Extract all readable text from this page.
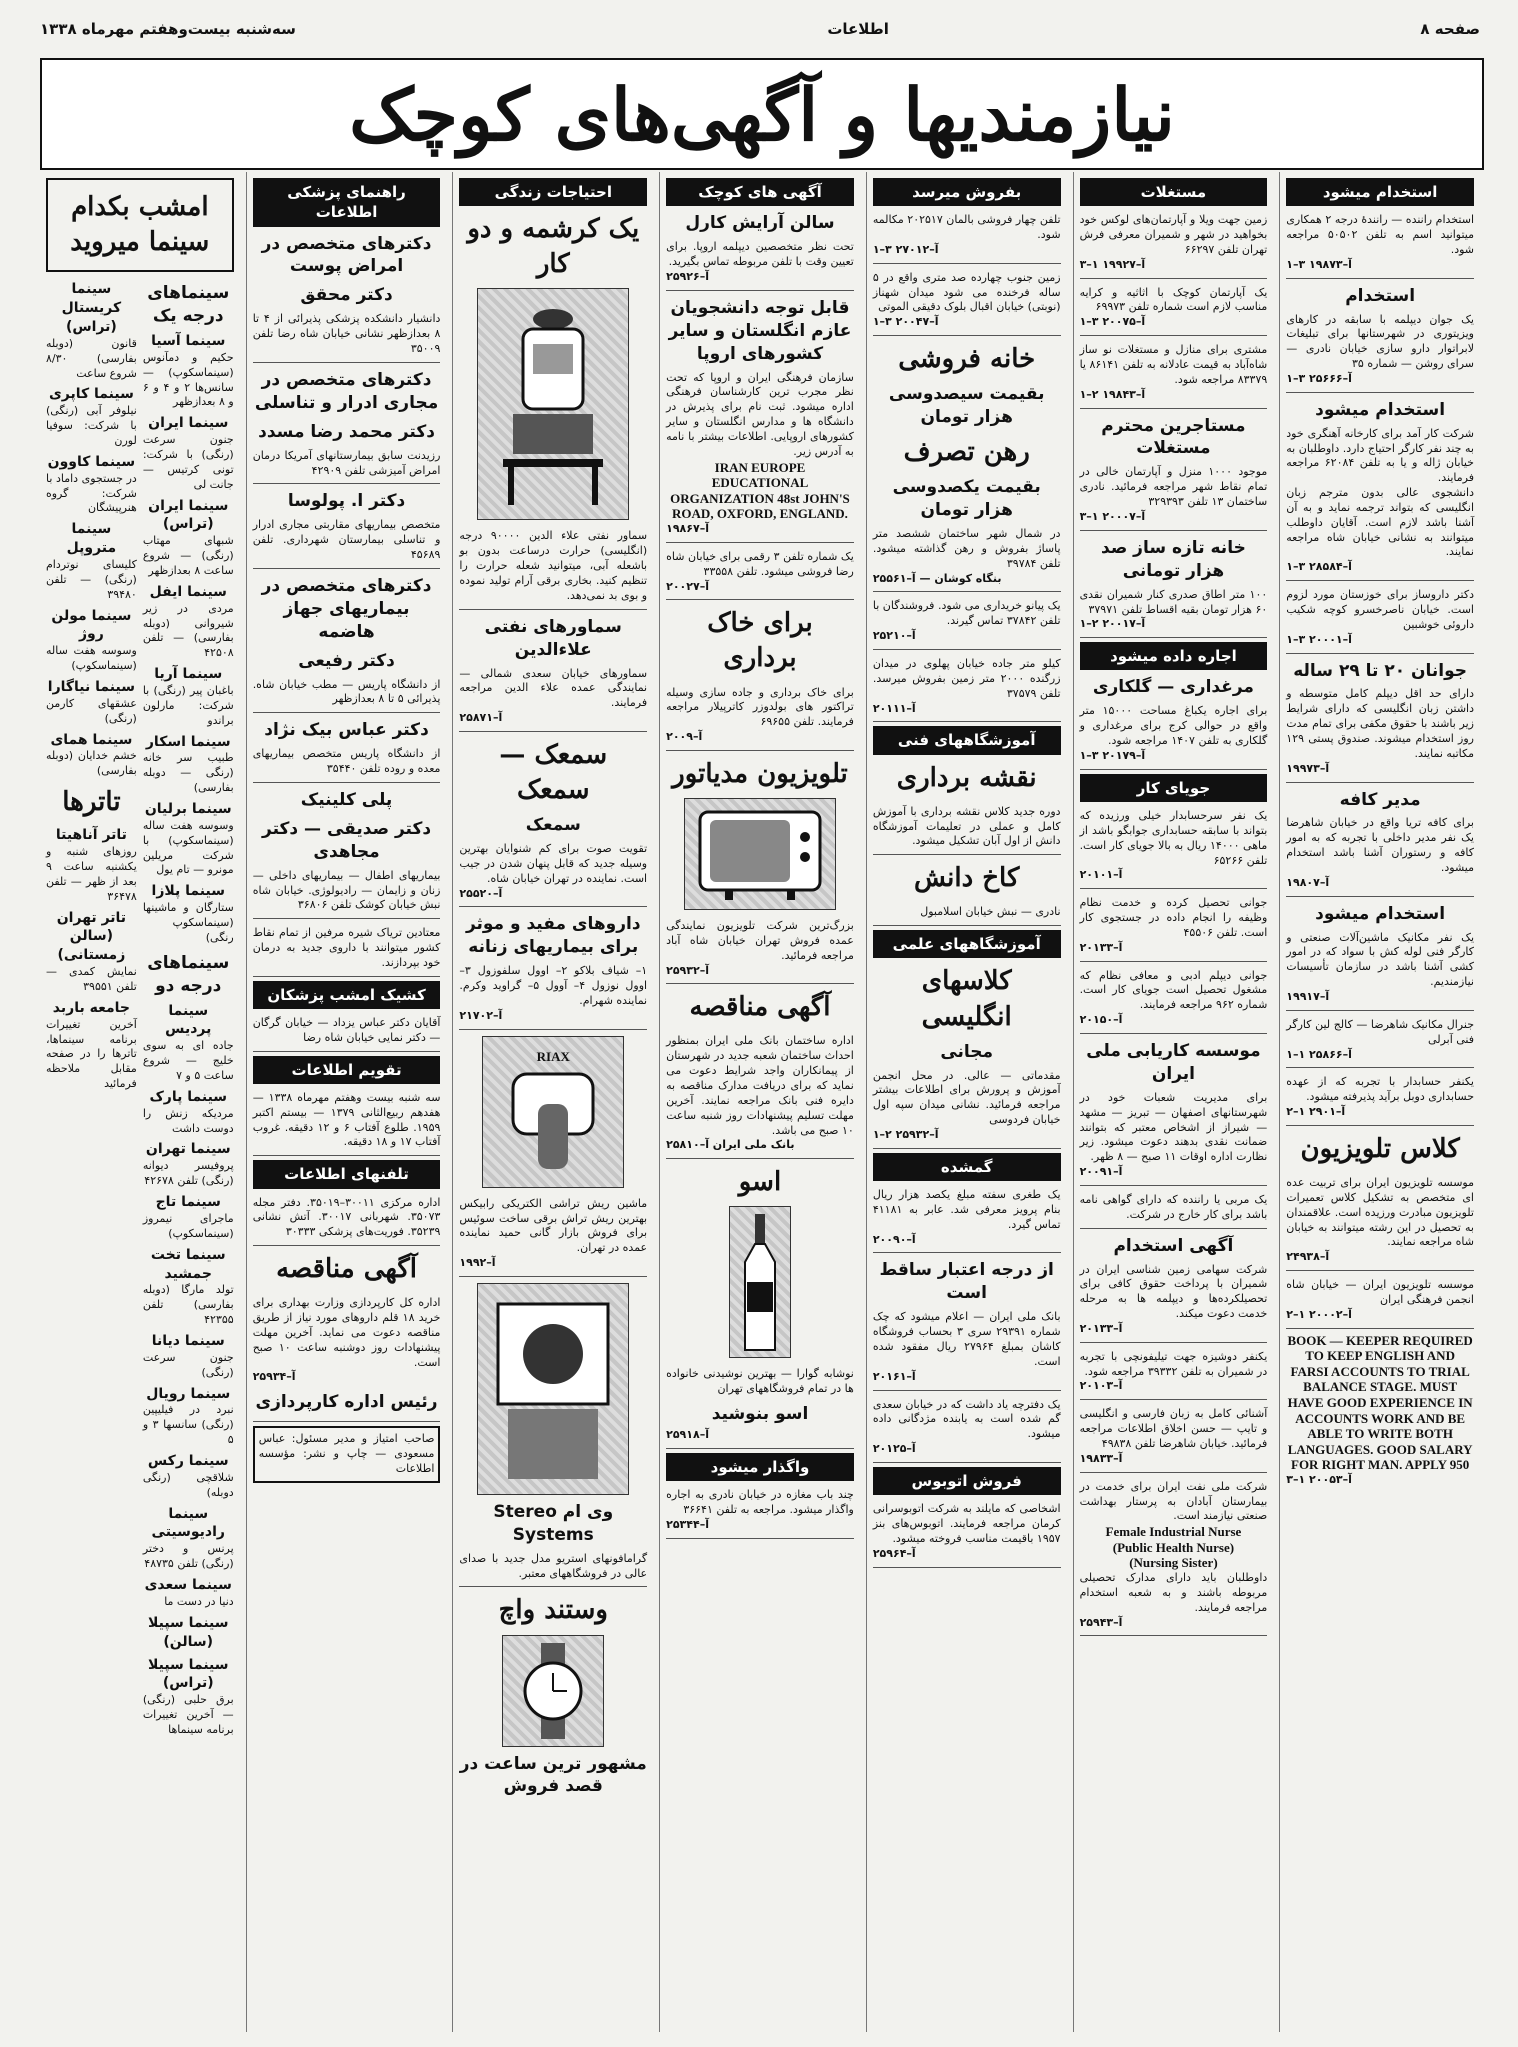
صفحه ۸
اطلاعات
سه‌شنبه بیست‌وهفتم مهرماه ۱۳۳۸
نیازمندیها و آگهی‌های کوچک
استخدام میشود
استخدام راننده — رانندهٔ درجه ۲ همکاری میتوانید اسم به تلفن ۵۰۵۰۲ مراجعه شود.
۱–۳ آ–۱۹۸۷۳
استخدام
یک جوان دیپلمه با سابقه در کارهای ویزیتوری در شهرستانها برای تبلیغات لابراتوار دارو سازی خیابان نادری — سرای روشن — شماره ۳۵
۱–۳ آ–۲۵۶۶۶
استخدام میشود
شرکت کار آمد برای کارخانه آهنگری خود به چند نفر کارگر احتیاج دارد. داوطلبان به خیابان ژاله و یا به تلفن ۶۲۰۸۴ مراجعه فرمایند.
دانشجوی عالی بدون مترجم زبان انگلیسی که بتواند ترجمه نماید و به آن آشنا باشد لازم است. آقایان داوطلب میتوانند به نشانی خیابان شاه مراجعه نمایند.
۱–۳ آ–۲۸۵۸۴
دکتر داروساز برای خوزستان مورد لزوم است. خیابان ناصرخسرو کوچه شکیب داروئی خوشبین
۱–۳ آ–۲۰۰۰۱
جوانان ۲۰ تا ۲۹ ساله
دارای حد اقل دیپلم کامل متوسطه و داشتن زبان انگلیسی که دارای شرایط زیر باشند با حقوق مکفی برای تمام مدت روز استخدام میشوند. صندوق پستی ۱۲۹ مکاتبه نمایند.
آ–۱۹۹۷۳
مدیر کافه
برای کافه تریا واقع در خیابان شاهرضا یک نفر مدیر داخلی با تجربه که به امور کافه و رستوران آشنا باشد استخدام میشود.
آ–۱۹۸۰۷
استخدام میشود
یک نفر مکانیک ماشین‌آلات صنعتی و کارگر فنی لوله کش با سواد که در امور کشی آشنا باشد در سازمان تأسیسات نیازمندیم.
آ–۱۹۹۱۷
جنرال مکانیک شاهرضا — کالج لین کارگر فنی آبرلی
۱–۱ آ–۲۵۸۶۶
یکنفر حسابدار با تجربه که از عهده حسابداری دوبل برآید پذیرفته میشود.
۲–۱ آ–۲۹۰۱
کلاس تلویزیون
موسسه تلویزیون ایران برای تربیت عده ای متخصص به تشکیل کلاس تعمیرات تلویزیون مبادرت ورزیده است. علاقمندان به تحصیل در این رشته میتوانند به خیابان شاه مراجعه نمایند.
آ–۲۴۹۳۸
موسسه تلویزیون ایران — خیابان شاه انجمن فرهنگی ایران
۲–۱ آ–۲۰۰۰۲
BOOK — KEEPER REQUIRED TO KEEP ENGLISH AND FARSI ACCOUNTS TO TRIAL BALANCE STAGE. MUST HAVE GOOD EXPERIENCE IN ACCOUNTS WORK AND BE ABLE TO WRITE BOTH LANGUAGES. GOOD SALARY FOR RIGHT MAN. APPLY 950
۳–۱ آ–۲۰۰۵۳
مستغلات
زمین جهت ویلا و آپارتمان‌های لوکس خود بخواهید در شهر و شمیران معرفی فرش تهران تلفن ۶۶۲۹۷
۳–۱ آ–۱۹۹۲۷
یک آپارتمان کوچک با اثاثیه و کرایه مناسب لازم است شماره تلفن ۶۹۹۷۳
۱–۳ آ–۲۰۰۷۵
مشتری برای منازل و مستغلات نو ساز شاه‌آباد به قیمت عادلانه به تلفن ۸۶۱۴۱ یا ۸۳۳۷۹ مراجعه شود.
۱–۲ آ–۱۹۸۴۳
مستاجرین محترم مستغلات
موجود ۱۰۰۰ منزل و آپارتمان خالی در تمام نقاط شهر مراجعه فرمائید. نادری ساختمان ۱۳ تلفن ۳۲۹۳۹۳
۳–۱ آ–۲۰۰۰۷
خانه تازه ساز صد هزار تومانی
۱۰۰ متر اطاق صدری کنار شمیران نقدی ۶۰ هزار تومان بقیه اقساط تلفن ۳۷۹۷۱
۱–۲ آ–۲۰۰۱۷
اجاره داده میشود
مرغداری — گلکاری
برای اجاره یکباغ مساحت ۱۵۰۰۰ متر واقع در حوالی کرج برای مرغداری و گلکاری به تلفن ۱۴۰۷ مراجعه شود.
۱–۳ آ–۲۰۱۷۹
جویای کار
یک نفر سرحسابدار خیلی ورزیده که بتواند با سابقه حسابداری جوابگو باشد از ماهی ۱۴۰۰۰ ریال به بالا جویای کار است. تلفن ۶۵۲۶۶
آ–۲۰۱۰۱
جوانی تحصیل کرده و خدمت نظام وظیفه را انجام داده در جستجوی کار است. تلفن ۴۵۵۰۶
آ–۲۰۱۳۳
جوانی دیپلم ادبی و معافی نظام که مشغول تحصیل است جویای کار است. شماره ۹۶۲ مراجعه فرمایند.
آ–۲۰۱۵۰
موسسه کاریابی ملی ایران
برای مدیریت شعبات خود در شهرستانهای اصفهان — تبریز — مشهد — شیراز از اشخاص معتبر که بتوانند ضمانت نقدی بدهند دعوت میشود. زیر نظارت اداره اوقات ۱۱ صبح — ۸ ظهر.
آ–۲۰۰۹۱
یک مربی یا راننده که دارای گواهی نامه باشد برای کار خارج در شرکت.
آگهی استخدام
شرکت سهامی زمین شناسی ایران در شمیران با پرداخت حقوق کافی برای تحصیلکرده‌ها و دیپلمه ها به مرحله خدمت دعوت میکند.
آ–۲۰۱۳۳
یکنفر دوشیزه جهت تیلیفونچی با تجربه در شمیران به تلفن ۳۹۳۳۲ مراجعه شود.
آ–۲۰۱۰۳
آشنائی کامل به زبان فارسی و انگلیسی و تایپ — حسن اخلاق اطلاعات مراجعه فرمائید. خیابان شاهرضا تلفن ۴۹۸۳۸
آ–۱۹۸۳۳
شرکت ملی نفت ایران برای خدمت در بیمارستان آبادان به پرستار بهداشت صنعتی نیازمند است.
Female Industrial Nurse
(Public Health Nurse)
(Nursing Sister)
داوطلبان باید دارای مدارک تحصیلی مربوطه باشند و به شعبه استخدام مراجعه فرمایند.
آ–۲۵۹۴۳
بفروش میرسد
تلفن چهار فروشی بالمان ۲۰۲۵۱۷ مکالمه شود.
۱–۳ آ–۲۷۰۱۲
زمین جنوب چهارده صد متری واقع در ۵ ساله فرخنده می شود میدان شهناز (نوبتی) خیابان اقبال بلوک دقیقی الموتی
۱–۳ آ–۲۰۰۴۷
خانه فروشی
بقیمت سیصدوسی هزار تومان
رهن تصرف
بقیمت یکصدوسی هزار تومان
در شمال شهر ساختمان ششصد متر پاساژ بفروش و رهن گذاشته میشود. تلفن ۳۹۷۸۴
بنگاه کوشان — آ–۲۵۵۶۱
یک پیانو خریداری می شود. فروشندگان با تلفن ۳۷۸۴۲ تماس گیرند.
آ–۲۵۲۱۰
کیلو متر جاده خیابان پهلوی در میدان زرگنده ۲۰۰۰ متر زمین بفروش میرسد. تلفن ۳۷۵۷۹
آ–۲۰۱۱۱
آموزشگاههای فنی
نقشه برداری
دوره جدید کلاس نقشه برداری با آموزش کامل و عملی در تعلیمات آموزشگاه دانش از اول آبان تشکیل میشود.
کاخ دانش
نادری — نبش خیابان اسلامبول
آموزشگاههای علمی
کلاسهای انگلیسی
مجانی
مقدماتی — عالی. در محل انجمن آموزش و پرورش برای اطلاعات بیشتر مراجعه فرمائید. نشانی میدان سپه اول خیابان فردوسی
۱–۲ آ–۲۵۹۳۲
گمشده
یک طغری سفته مبلغ یکصد هزار ریال بنام پرویز معرفی شد. عابر به ۴۱۱۸۱ تماس گیرد.
آ–۲۰۰۹۰
از درجه اعتبار ساقط است
بانک ملی ایران — اعلام میشود که چک شماره ۲۹۳۹۱ سری ۳ بحساب فروشگاه کاشان بمبلغ ۲۷۹۶۴ ریال مفقود شده است.
آ–۲۰۱۶۱
یک دفترچه یاد داشت که در خیابان سعدی گم شده است به یابنده مژدگانی داده میشود.
آ–۲۰۱۲۵
فروش اتوبوس
اشخاصی که مایلند به شرکت اتوبوسرانی کرمان مراجعه فرمایند. اتوبوس‌های بنز ۱۹۵۷ باقیمت مناسب فروخته میشود.
آ–۲۵۹۶۴
آگهی های کوچک
سالن آرایش کارل
تحت نظر متخصصین دیپلمه اروپا. برای تعیین وقت با تلفن مربوطه تماس بگیرید.
آ–۲۵۹۲۶
قابل توجه دانشجویان عازم انگلستان و سایر کشورهای اروپا
سازمان فرهنگی ایران و اروپا که تحت نظر مجرب ترین کارشناسان فرهنگی اداره میشود. ثبت نام برای پذیرش در دانشگاه ها و مدارس انگلستان و سایر کشورهای اروپایی. اطلاعات بیشتر با نامه به آدرس زیر.
IRAN EUROPE EDUCATIONAL ORGANIZATION 48st JOHN'S ROAD, OXFORD, ENGLAND.
آ–۱۹۸۶۷
یک شماره تلفن ۳ رقمی برای خیابان شاه رضا فروشی میشود. تلفن ۳۳۵۵۸
آ–۲۰۰۲۷
برای خاک برداری
برای خاک برداری و جاده سازی وسیله تراکتور های بولدوزر کاترپیلار مراجعه فرمایند. تلفن ۶۹۶۵۵
آ–۲۰۰۹
تلویزیون مدیاتور
بزرگ‌ترین شرکت تلویزیون نمایندگی عمده فروش تهران خیابان شاه آباد مراجعه فرمائید.
آ–۲۵۹۳۲
آگهی مناقصه
اداره ساختمان بانک ملی ایران بمنظور احداث ساختمان شعبه جدید در شهرستان از پیمانکاران واجد شرایط دعوت می نماید که برای دریافت مدارک مناقصه به دایره فنی بانک مراجعه نمایند. آخرین مهلت تسلیم پیشنهادات روز شنبه ساعت ۱۰ صبح می باشد.
بانک ملی ایران آ–۲۵۸۱۰
اسو
نوشابه گوارا — بهترین نوشیدنی خانواده ها در تمام فروشگاههای تهران
اسو بنوشید
آ–۲۵۹۱۸
واگذار میشود
چند باب مغازه در خیابان نادری به اجاره واگذار میشود. مراجعه به تلفن ۳۶۶۴۱
آ–۲۵۳۴۴
احتیاجات زندگی
یک کرشمه و دو کار
سماور نفتی علاء الدین ۹۰۰۰۰ درجه (انگلیسی) حرارت درساعت بدون بو باشعله آبی، میتوانید شعله حرارت را تنظیم کنید. بخاری برقی آرام تولید نموده و بوی بد نمی‌دهد.
سماورهای نفتی علاءالدین
سماورهای خیابان سعدی شمالی — نمایندگی عمده علاء الدین مراجعه فرمایند.
آ–۲۵۸۷۱
سمعک — سمعک
سمعک
تقویت صوت برای کم شنوایان بهترین وسیله جدید که قابل پنهان شدن در جیب است. نماینده در تهران خیابان شاه.
آ–۲۵۵۲۰
داروهای مفید و موثر برای بیماریهای زنانه
۱– شیاف بلاکو ۲– اوول سلفوزول ۳– اوول نوزول ۴– آوول ۵– گراوید وکرم. نماینده شهرام.
آ–۲۱۷۰۲
RIAX
ماشین ریش تراشی الکتریکی رابیکس بهترین ریش تراش برقی ساخت سوئیس برای فروش بازار گانی حمید نماینده عمده در تهران.
آ–۱۹۹۲
وی ام Stereo Systems
گرامافونهای استریو مدل جدید با صدای عالی در فروشگاههای معتبر.
وستند واچ
مشهور ترین ساعت در قصد فروش
راهنمای پزشکی اطلاعات
دکترهای متخصص در امراض پوست
دکتر محقق
دانشیار دانشکده پزشکی پذیرائی از ۴ تا ۸ بعدازظهر نشانی خیابان شاه رضا تلفن ۳۵۰۰۹
دکترهای متخصص در مجاری ادرار و تناسلی
دکتر محمد رضا مسدد
رزیدنت سابق بیمارستانهای آمریکا درمان امراض آمیزشی تلفن ۴۲۹۰۹
دکتر ا. پولوسا
متخصص بیماریهای مقاربتی مجاری ادرار و تناسلی بیمارستان شهرداری. تلفن ۴۵۶۸۹
دکترهای متخصص در بیماریهای جهاز هاضمه
دکتر رفیعی
از دانشگاه پاریس — مطب خیابان شاه. پذیرائی ۵ تا ۸ بعدازظهر
دکتر عباس بیک نژاد
از دانشگاه پاریس متخصص بیماریهای معده و روده تلفن ۳۵۴۴۰
پلی کلینیک
دکتر صدیقی — دکتر مجاهدی
بیماریهای اطفال — بیماریهای داخلی — زنان و زایمان — رادیولوژی. خیابان شاه نبش خیابان کوشک تلفن ۳۶۸۰۶
معتادین تریاک شیره مرفین از تمام نقاط کشور میتوانند با داروی جدید به درمان خود بپردازند.
کشیک امشب پزشکان
آقایان دکتر عباس یزداد — خیابان گرگان — دکتر نمایی خیابان شاه رضا
تقویم اطلاعات
سه شنبه بیست وهفتم مهرماه ۱۳۳۸ — هفدهم ربیع‌الثانی ۱۳۷۹ — بیستم اکتبر ۱۹۵۹. طلوع آفتاب ۶ و ۱۲ دقیقه. غروب آفتاب ۱۷ و ۱۸ دقیقه.
تلفنهای اطلاعات
اداره مرکزی ۳۰۰۱۱–۳۵۰۱۹. دفتر مجله ۳۵۰۷۳. شهربانی ۳۰۰۱۷. آتش نشانی ۳۵۲۳۹. فوریت‌های پزشکی ۳۰۳۳۳
آگهی مناقصه
اداره کل کارپردازی وزارت بهداری برای خرید ۱۸ قلم داروهای مورد نیاز از طریق مناقصه دعوت می نماید. آخرین مهلت پیشنهادات روز دوشنبه ساعت ۱۰ صبح است.
آ–۲۵۹۳۴
رئیس اداره کارپردازی
صاحب امتیاز و مدیر مسئول: عباس مسعودی — چاپ و نشر: مؤسسه اطلاعات
امشب بکدام سینما میروید
سینماهای درجه یک
سینما آسیا
حکیم و دمآنوس (سینماسکوپ) — سانس‌ها ۲ و ۴ و ۶ و ۸ بعدازظهر
سینما ایران
جنون سرعت (رنگی) با شرکت: تونی کرتیس — جانت لی
سینما ایران (تراس)
شبهای مهتاب (رنگی) — شروع ساعت ۸ بعدازظهر
سینما ایفل
مردی در زیر شیروانی (دوبله بفارسی) — تلفن ۴۲۵۰۸
سینما آریا
باغبان پیر (رنگی) با شرکت: مارلون براندو
سینما اسکار
طبیب سر خانه (رنگی — دوبله بفارسی)
سینما برلیان
وسوسه هفت ساله (سینماسکوپ) با شرکت مریلین مونرو — تام یول
سینما پلازا
ستارگان و ماشینها (سینماسکوپ رنگی)
سینماهای درجه دو
سینما پردیس
جاده ای به سوی خلیج — شروع ساعت ۵ و ۷
سینما پارک
مردیکه زنش را دوست داشت
سینما تهران
پروفیسر دیوانه (رنگی) تلفن ۴۲۶۷۸
سینما تاج
ماجرای نیمروز (سینماسکوپ)
سینما تخت جمشید
تولد مارگا (دوبله بفارسی) تلفن ۴۲۳۵۵
سینما دیانا
جنون سرعت (رنگی)
سینما رویال
نبرد در فیلیپین (رنگی) سانسها ۳ و ۵
سینما رکس
شلاقچی (رنگی دوبله)
سینما رادیوسیتی
پرنس و دختر (رنگی) تلفن ۴۸۷۳۵
سینما سعدی
دنیا در دست ما
سینما سپیلا (سالن)
سینما سپیلا (تراس)
برق حلبی (رنگی) — آخرین تغییرات برنامه سینماها
سینما کریستال (تراس)
قانون (دوبله بفارسی) ۸/۳۰ شروع ساعت
سینما کاپری
نیلوفر آبی (رنگی) با شرکت: سوفیا لورن
سینما کاوون
در جستجوی داماد با شرکت: گروه هنرپیشگان
سینما متروپل
کلیسای نوتردام (رنگی) — تلفن ۳۹۴۸۰
سینما مولن روژ
وسوسه هفت ساله (سینماسکوپ)
سینما نیاگارا
عشقهای کارمن (رنگی)
سینما همای
خشم خدایان (دوبله بفارسی)
تاترها
تاتر آناهیتا
روزهای شنبه و یکشنبه ساعت ۹ بعد از ظهر — تلفن ۳۶۴۷۸
تاتر تهران (سالن زمستانی)
نمایش کمدی — تلفن ۳۹۵۵۱
جامعه باربد
آخرین تغییرات برنامه سینماها، تاترها را در صفحه مقابل ملاحظه فرمائید
